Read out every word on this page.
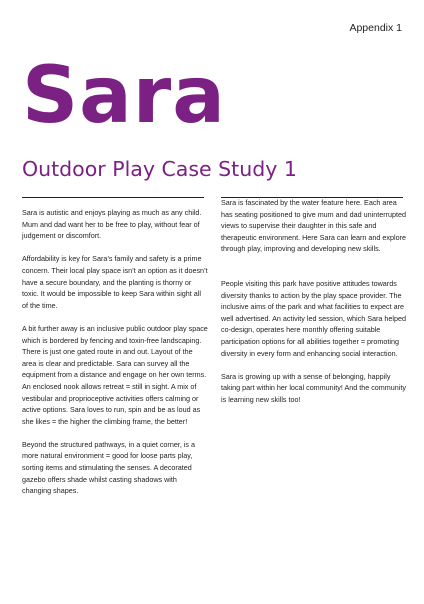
Appendix 1
Sara
Outdoor Play Case Study 1

Sara is autistic and enjoys playing as much as any child. Mum and dad want her to be free to play, without fear of judgement or discomfort.

Affordability is key for Sara’s family and safety is a prime concern. Their local play space isn’t an option as it doesn’t have a secure boundary, and the planting is thorny or toxic. It would be impossible to keep Sara within sight all of the time.

A bit further away is an inclusive public outdoor play space which is bordered by fencing and toxin-free landscaping. There is just one gated route in and out. Layout of the area is clear and predictable. Sara can survey all the equipment from a distance and engage on her own terms. An enclosed nook allows retreat = still in sight. A mix of vestibular and proprioceptive activities offers calming or active options. Sara loves to run, spin and be as loud as she likes = the higher the climbing frame, the better!

Beyond the structured pathways, in a quiet corner, is a more natural environment = good for loose parts play, sorting items and stimulating the senses. A decorated gazebo offers shade whilst casting shadows with changing shapes.

Sara is fascinated by the water feature here. Each area has seating positioned to give mum and dad uninterrupted views to supervise their daughter in this safe and therapeutic environment. Here Sara can learn and explore through play, improving and developing new skills.

People visiting this park have positive attitudes towards diversity thanks to action by the play space provider. The inclusive aims of the park and what facilities to expect are well advertised. An activity led session, which Sara helped co-design, operates here monthly offering suitable participation options for all abilities together = promoting diversity in every form and enhancing social interaction.

Sara is growing up with a sense of belonging, happily taking part within her local community! And the community is learning new skills too!
